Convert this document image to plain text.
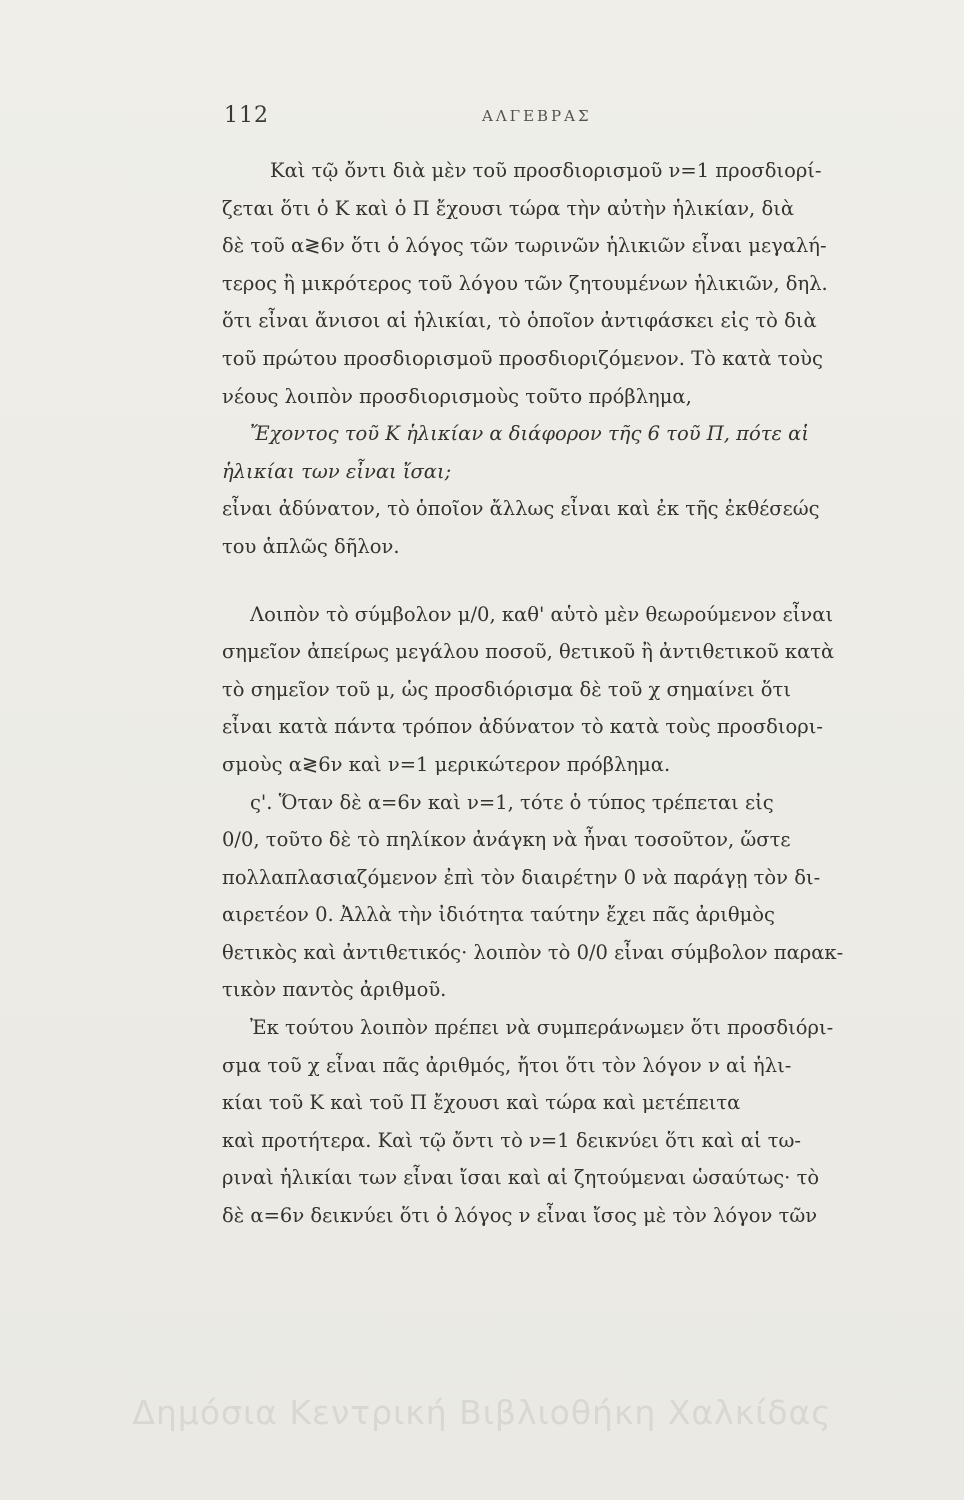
112	ΑΛΓΕΒΡΑΣ
Καὶ τῷ ὄντι διὰ μὲν τοῦ προσδιορισμοῦ ν=1 προσδιορί-
ζεται ὅτι ὁ Κ καὶ ὁ Π ἔχουσι τώρα τὴν αὐτὴν ἡλικίαν, διὰ
δὲ τοῦ α≷6ν ὅτι ὁ λόγος τῶν τωρινῶν ἡλικιῶν εἶναι μεγαλή-
τερος ἢ μικρότερος τοῦ λόγου τῶν ζητουμένων ἡλικιῶν, δηλ.
ὅτι εἶναι ἄνισοι αἱ ἡλικίαι, τὸ ὁποῖον ἀντιφάσκει εἰς τὸ διὰ
τοῦ πρώτου προσδιορισμοῦ προσδιοριζόμενον. Τὸ κατὰ τοὺς
νέους λοιπὸν προσδιορισμοὺς τοῦτο πρόβλημα,
Ἔχοντος τοῦ Κ ἡλικίαν α διάφορον τῆς 6 τοῦ Π, πότε αἱ
ἡλικίαι των εἶναι ἴσαι;
εἶναι ἀδύνατον, τὸ ὁποῖον ἄλλως εἶναι καὶ ἐκ τῆς ἐκθέσεώς
του ἁπλῶς δῆλον.
Λοιπὸν τὸ σύμβολον μ/0, καθ' αὑτὸ μὲν θεωρούμενον εἶναι
σημεῖον ἀπείρως μεγάλου ποσοῦ, θετικοῦ ἢ ἀντιθετικοῦ κατὰ
τὸ σημεῖον τοῦ μ, ὡς προσδιόρισμα δὲ τοῦ χ σημαίνει ὅτι
εἶναι κατὰ πάντα τρόπον ἀδύνατον τὸ κατὰ τοὺς προσδιορι-
σμοὺς α≷6ν καὶ ν=1 μερικώτερον πρόβλημα.
ς'. Ὅταν δὲ α=6ν καὶ ν=1, τότε ὁ τύπος τρέπεται εἰς
0/0, τοῦτο δὲ τὸ πηλίκον ἀνάγκη νὰ ἦναι τοσοῦτον, ὥστε
πολλαπλασιαζόμενον ἐπὶ τὸν διαιρέτην 0 νὰ παράγῃ τὸν δι-
αιρετέον 0. Ἀλλὰ τὴν ἰδιότητα ταύτην ἔχει πᾶς ἀριθμὸς
θετικὸς καὶ ἀντιθετικός· λοιπὸν τὸ 0/0 εἶναι σύμβολον παρακ-
τικὸν παντὸς ἀριθμοῦ.
Ἐκ τούτου λοιπὸν πρέπει νὰ συμπεράνωμεν ὅτι προσδιόρι-
σμα τοῦ χ εἶναι πᾶς ἀριθμός, ἤτοι ὅτι τὸν λόγον ν αἱ ἡλι-
κίαι τοῦ Κ καὶ τοῦ Π ἔχουσι καὶ τώρα καὶ μετέπειτα
καὶ προτήτερα. Καὶ τῷ ὄντι τὸ ν=1 δεικνύει ὅτι καὶ αἱ τω-
ριναὶ ἡλικίαι των εἶναι ἴσαι καὶ αἱ ζητούμεναι ὡσαύτως· τὸ
δὲ α=6ν δεικνύει ὅτι ὁ λόγος ν εἶναι ἴσος μὲ τὸν λόγον τῶν
Δημόσια Κεντρική Βιβλιοθήκη Χαλκίδας
